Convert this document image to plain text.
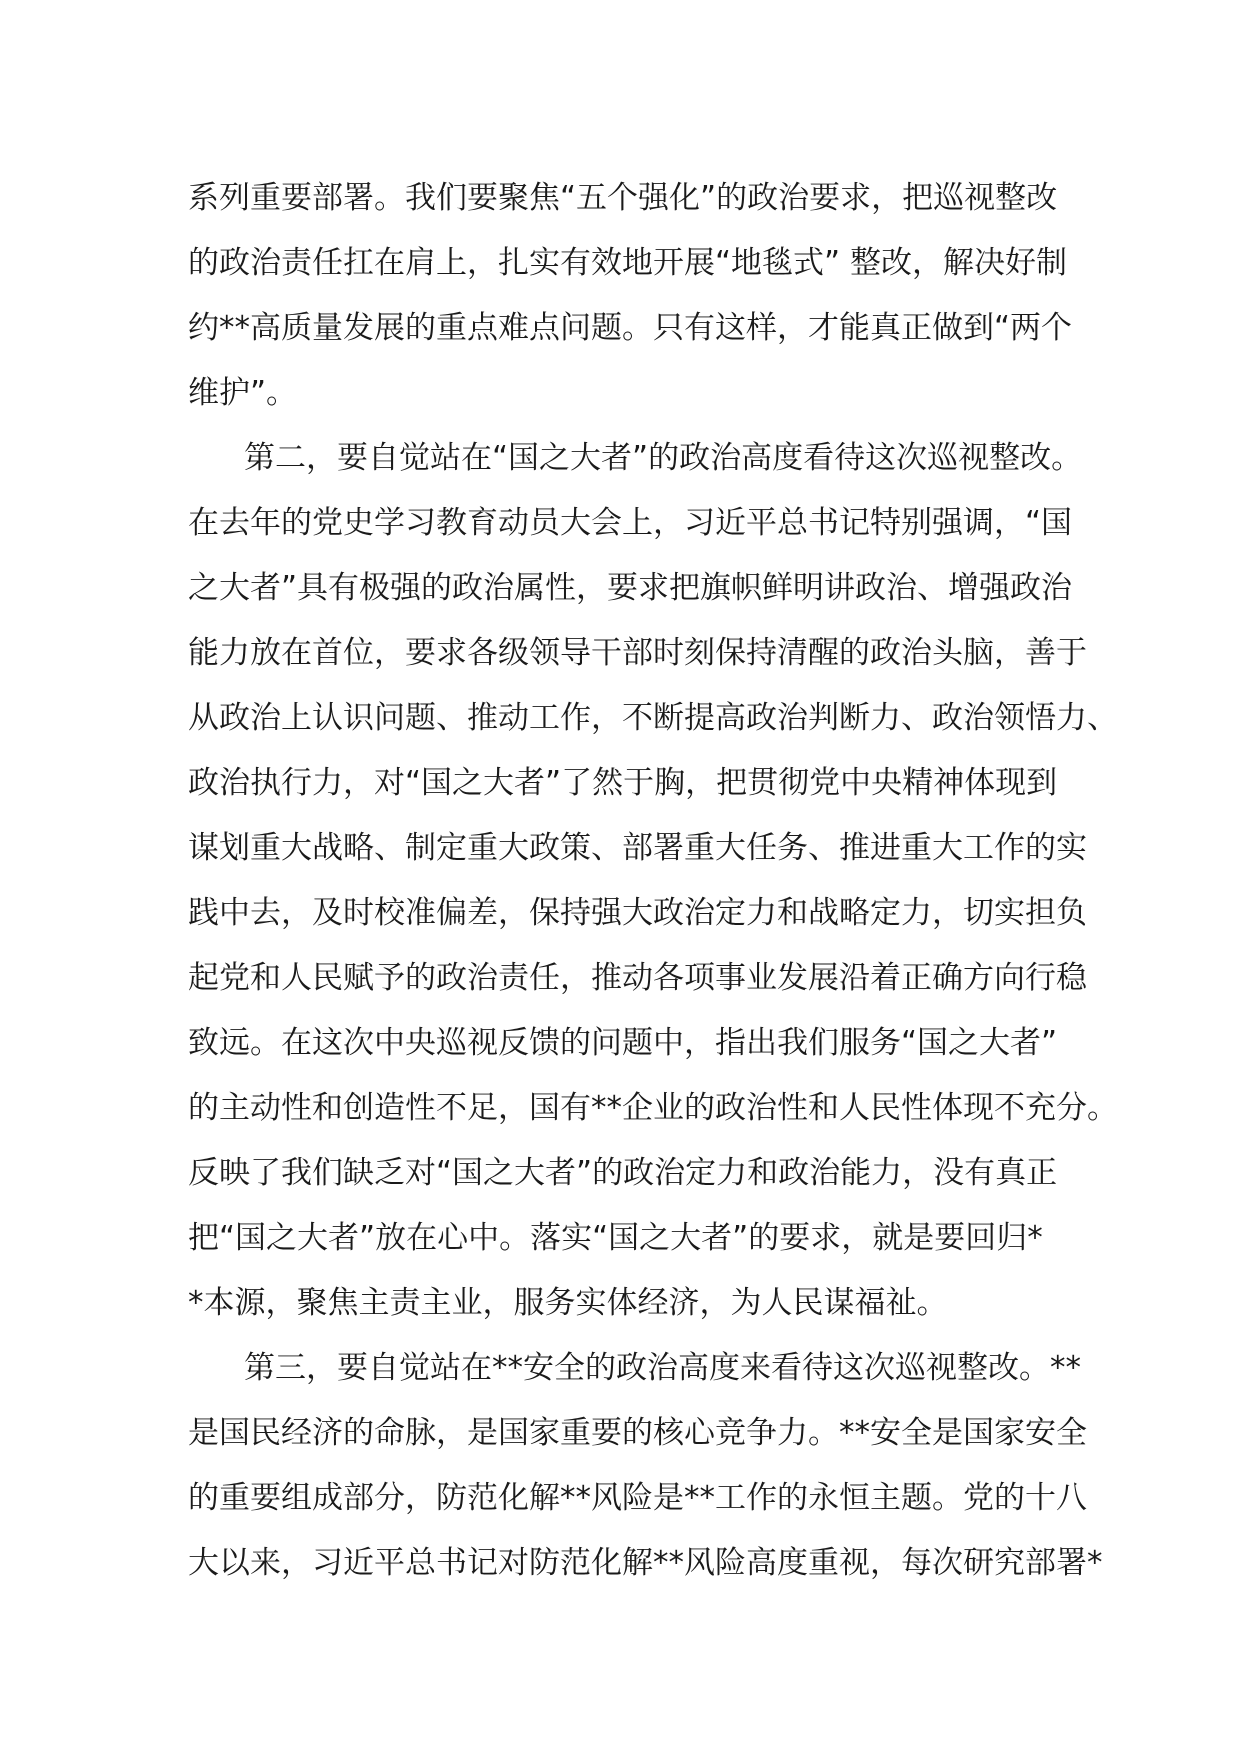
系列重要部署。我们要聚焦“五个强化”的政治要求，把巡视整改
的政治责任扛在肩上，扎实有效地开展“地毯式” 整改，解决好制
约**高质量发展的重点难点问题。只有这样，才能真正做到“两个
维护”。
第二，要自觉站在“国之大者”的政治高度看待这次巡视整改。
在去年的党史学习教育动员大会上，习近平总书记特别强调，“国
之大者”具有极强的政治属性，要求把旗帜鲜明讲政治、增强政治
能力放在首位，要求各级领导干部时刻保持清醒的政治头脑，善于
从政治上认识问题、推动工作，不断提高政治判断力、政治领悟力、
政治执行力，对“国之大者”了然于胸，把贯彻党中央精神体现到
谋划重大战略、制定重大政策、部署重大任务、推进重大工作的实
践中去，及时校准偏差，保持强大政治定力和战略定力，切实担负
起党和人民赋予的政治责任，推动各项事业发展沿着正确方向行稳
致远。在这次中央巡视反馈的问题中，指出我们服务“国之大者”
的主动性和创造性不足，国有**企业的政治性和人民性体现不充分。
反映了我们缺乏对“国之大者”的政治定力和政治能力，没有真正
把“国之大者”放在心中。落实“国之大者”的要求，就是要回归*
*本源，聚焦主责主业，服务实体经济，为人民谋福祉。
第三，要自觉站在**安全的政治高度来看待这次巡视整改。**
是国民经济的命脉，是国家重要的核心竞争力。**安全是国家安全
的重要组成部分，防范化解**风险是**工作的永恒主题。党的十八
大以来，习近平总书记对防范化解**风险高度重视，每次研究部署*
